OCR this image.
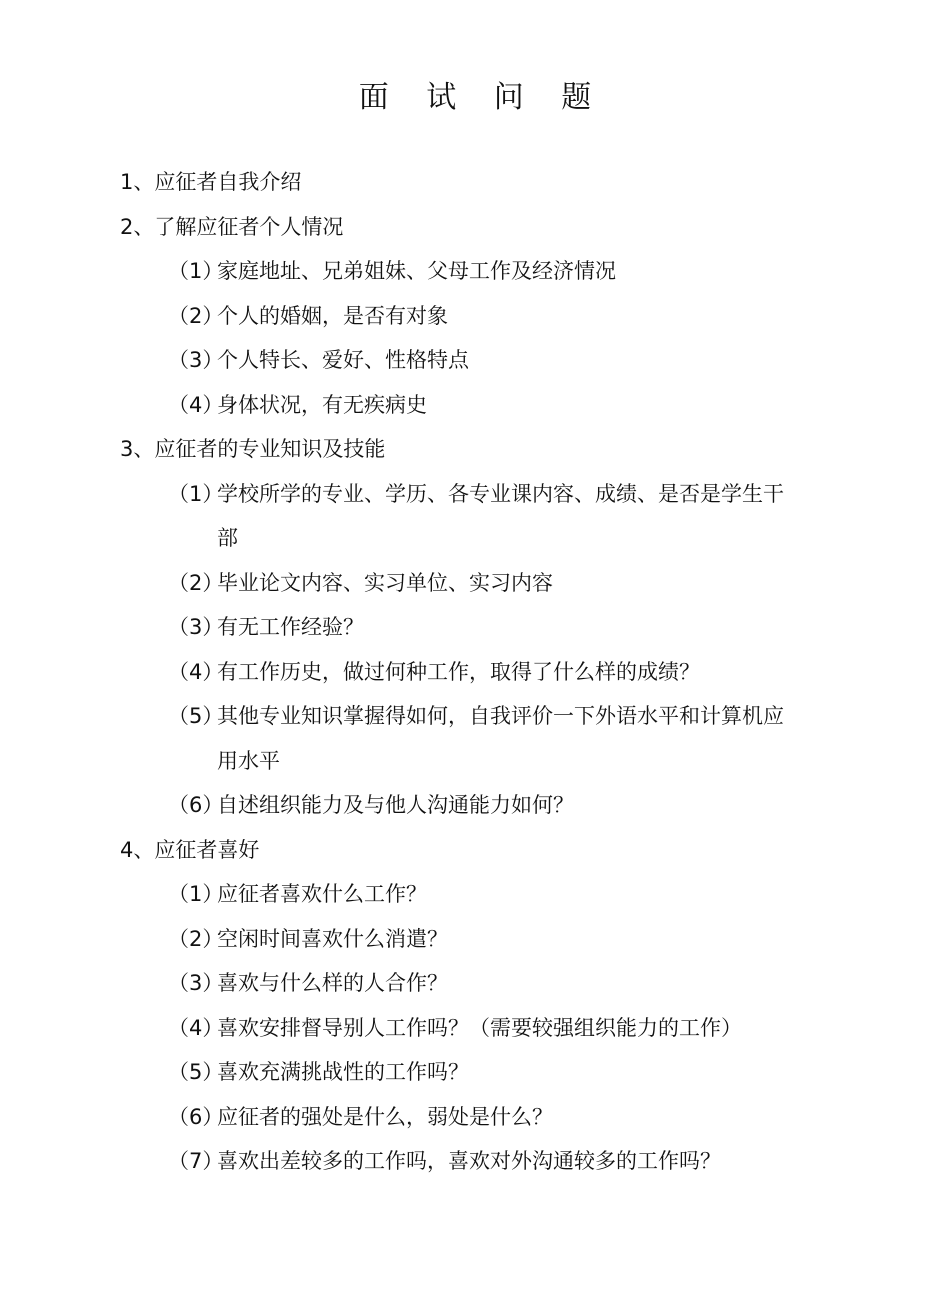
面 试 问 题
1、应征者自我介绍
2、了解应征者个人情况
（1）
家庭地址、兄弟姐妹、父母工作及经济情况
（2）
个人的婚姻，是否有对象
（3）
个人特长、爱好、性格特点
（4）
身体状况，有无疾病史
3、应征者的专业知识及技能
（1）
学校所学的专业、学历、各专业课内容、成绩、是否是学生干部
（2）
毕业论文内容、实习单位、实习内容
（3）
有无工作经验？
（4）
有工作历史，做过何种工作，取得了什么样的成绩？
（5）
其他专业知识掌握得如何，自我评价一下外语水平和计算机应用水平
（6）
自述组织能力及与他人沟通能力如何？
4、应征者喜好
（1）
应征者喜欢什么工作？
（2）
空闲时间喜欢什么消遣？
（3）
喜欢与什么样的人合作？
（4）
喜欢安排督导别人工作吗？（需要较强组织能力的工作）
（5）
喜欢充满挑战性的工作吗？
（6）
应征者的强处是什么，弱处是什么？
（7）
喜欢出差较多的工作吗，喜欢对外沟通较多的工作吗？
